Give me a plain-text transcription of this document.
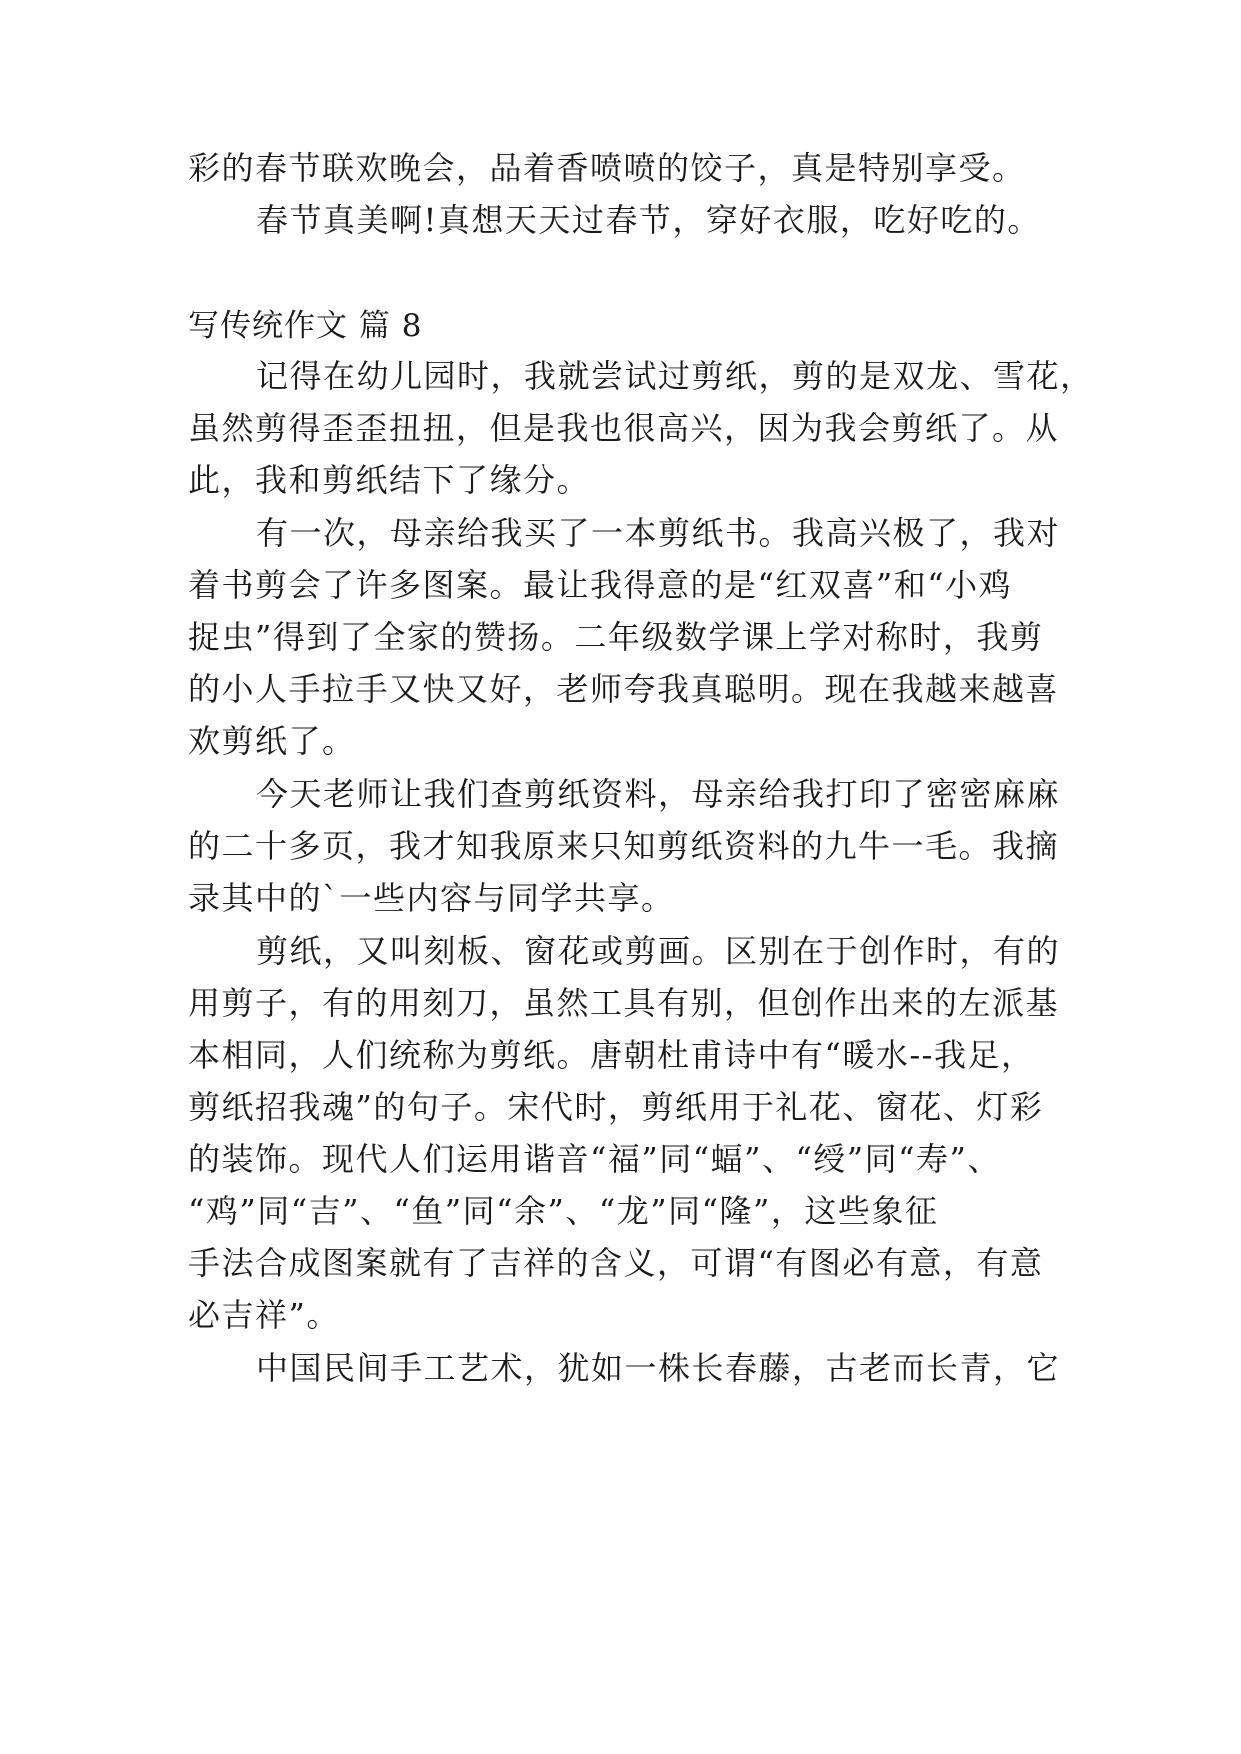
彩的春节联欢晚会，品着香喷喷的饺子，真是特别享受。
春节真美啊!真想天天过春节，穿好衣服，吃好吃的。
写传统作文 篇 8
记得在幼儿园时，我就尝试过剪纸，剪的是双龙、雪花，
虽然剪得歪歪扭扭，但是我也很高兴，因为我会剪纸了。从
此，我和剪纸结下了缘分。
有一次，母亲给我买了一本剪纸书。我高兴极了，我对
着书剪会了许多图案。最让我得意的是“红双喜”和“小鸡
捉虫”得到了全家的赞扬。二年级数学课上学对称时，我剪
的小人手拉手又快又好，老师夸我真聪明。现在我越来越喜
欢剪纸了。
今天老师让我们查剪纸资料，母亲给我打印了密密麻麻
的二十多页，我才知我原来只知剪纸资料的九牛一毛。我摘
录其中的`一些内容与同学共享。
剪纸，又叫刻板、窗花或剪画。区别在于创作时，有的
用剪子，有的用刻刀，虽然工具有别，但创作出来的左派基
本相同，人们统称为剪纸。唐朝杜甫诗中有“暖水--我足，
剪纸招我魂”的句子。宋代时，剪纸用于礼花、窗花、灯彩
的装饰。现代人们运用谐音“福”同“蝠”、“绶”同“寿”、
“鸡”同“吉”、“鱼”同“余”、“龙”同“隆”，这些象征
手法合成图案就有了吉祥的含义，可谓“有图必有意，有意
必吉祥”。
中国民间手工艺术，犹如一株长春藤，古老而长青，它
